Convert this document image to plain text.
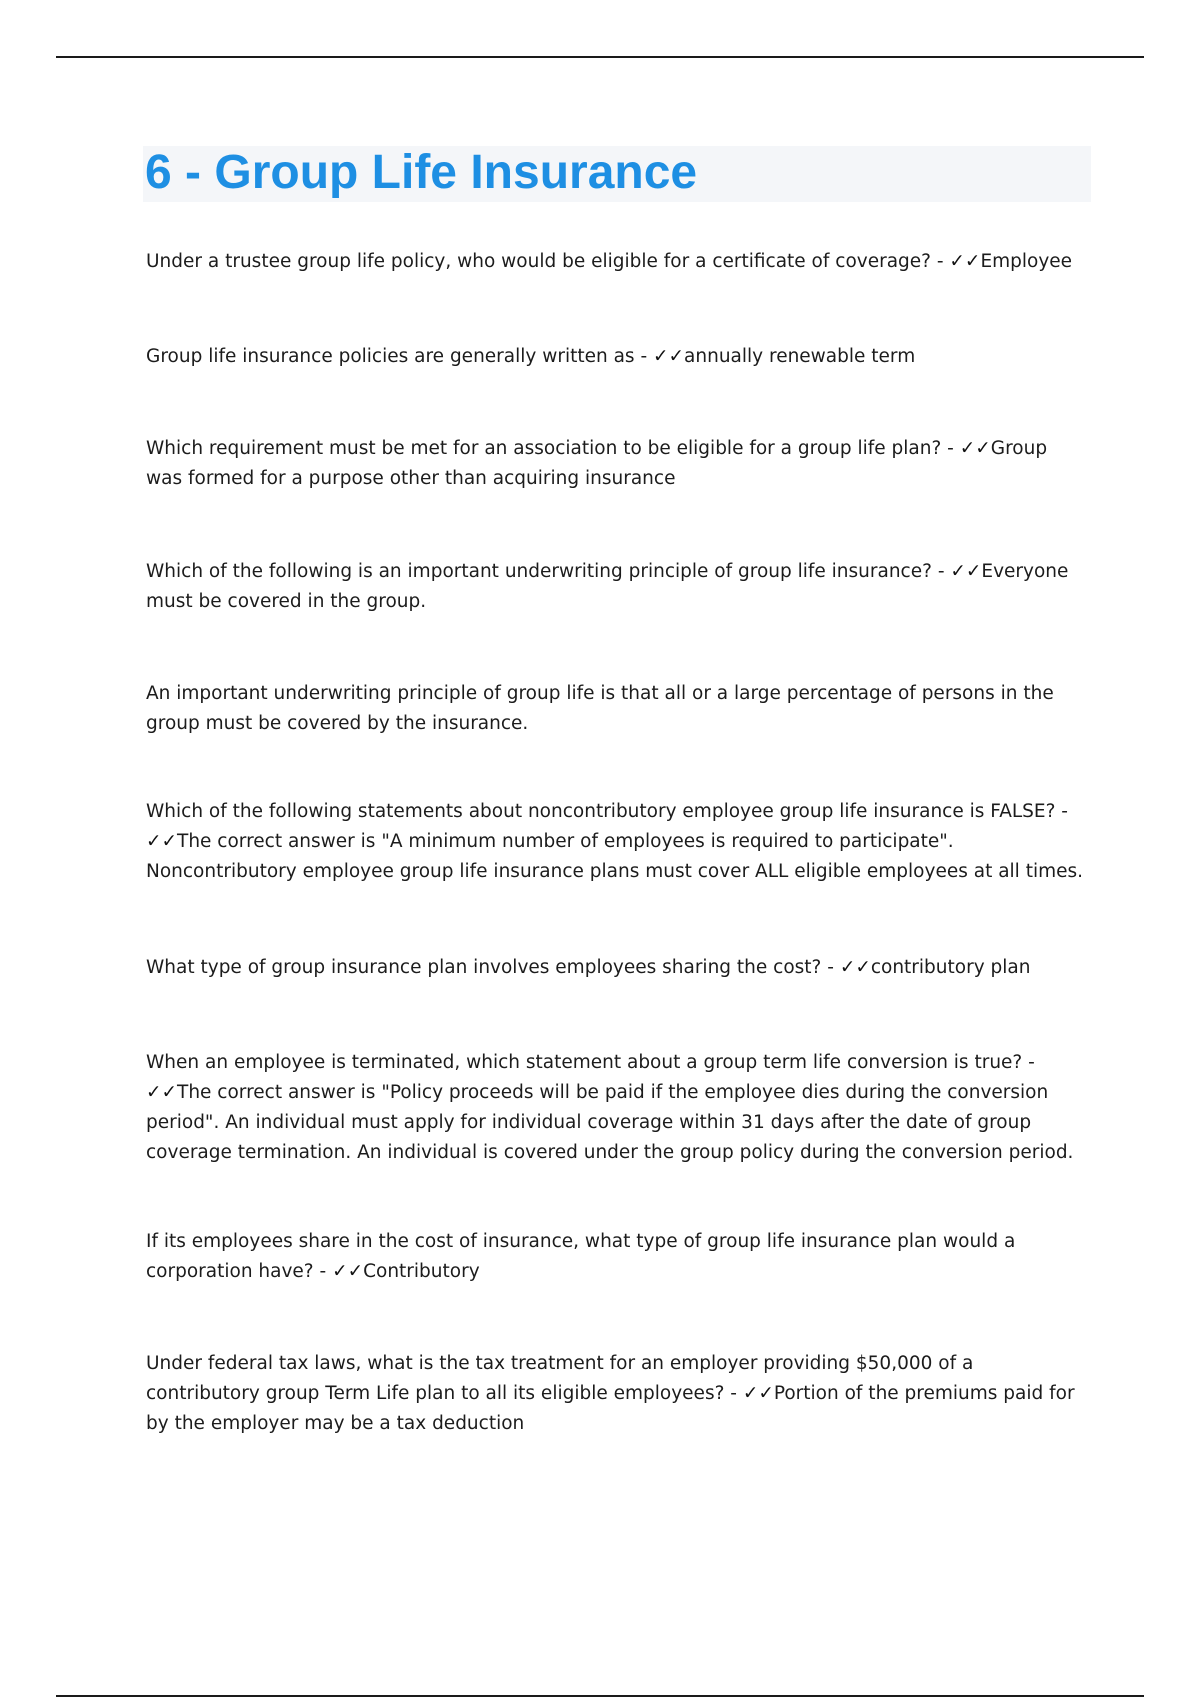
6 - Group Life Insurance

Under a trustee group life policy, who would be eligible for a certificate of coverage? - ✓✓Employee

Group life insurance policies are generally written as - ✓✓annually renewable term

Which requirement must be met for an association to be eligible for a group life plan? - ✓✓Group was formed for a purpose other than acquiring insurance

Which of the following is an important underwriting principle of group life insurance? - ✓✓Everyone must be covered in the group.

An important underwriting principle of group life is that all or a large percentage of persons in the group must be covered by the insurance.

Which of the following statements about noncontributory employee group life insurance is FALSE? - ✓✓The correct answer is "A minimum number of employees is required to participate". Noncontributory employee group life insurance plans must cover ALL eligible employees at all times.

What type of group insurance plan involves employees sharing the cost? - ✓✓contributory plan

When an employee is terminated, which statement about a group term life conversion is true? - ✓✓The correct answer is "Policy proceeds will be paid if the employee dies during the conversion period". An individual must apply for individual coverage within 31 days after the date of group coverage termination. An individual is covered under the group policy during the conversion period.

If its employees share in the cost of insurance, what type of group life insurance plan would a corporation have? - ✓✓Contributory

Under federal tax laws, what is the tax treatment for an employer providing $50,000 of a contributory group Term Life plan to all its eligible employees? - ✓✓Portion of the premiums paid for by the employer may be a tax deduction
